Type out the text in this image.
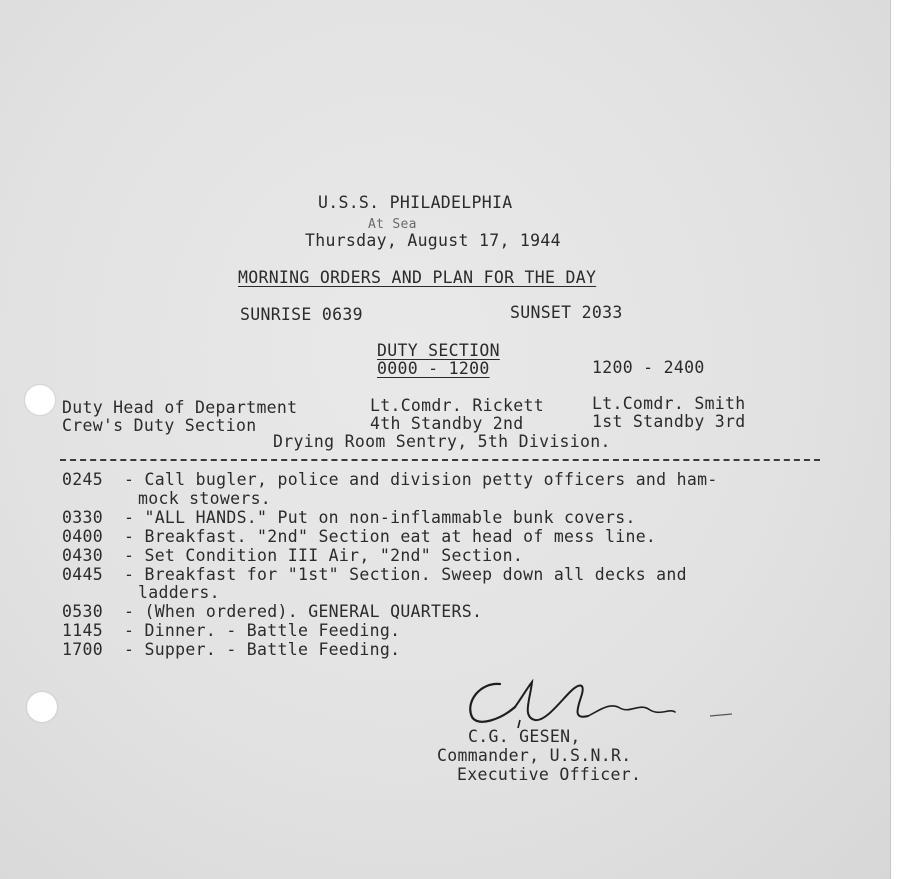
U.S.S. PHILADELPHIA
At Sea
Thursday, August 17, 1944
MORNING ORDERS AND PLAN FOR THE DAY
SUNRISE 0639	SUNSET 2033
DUTY SECTION
0000 - 1200	1200 - 2400
Duty Head of Department	Lt.Comdr. Rickett	Lt.Comdr. Smith
Crew's Duty Section	4th Standby 2nd	1st Standby 3rd
Drying Room Sentry, 5th Division.
0245 - Call bugler, police and division petty officers and ham-
mock stowers.
0330 - "ALL HANDS." Put on non-inflammable bunk covers.
0400 - Breakfast. "2nd" Section eat at head of mess line.
0430 - Set Condition III Air, "2nd" Section.
0445 - Breakfast for "1st" Section. Sweep down all decks and
ladders.
0530 - (When ordered). GENERAL QUARTERS.
1145 - Dinner. - Battle Feeding.
1700 - Supper. - Battle Feeding.
C.G. GESEN,
Commander, U.S.N.R.
Executive Officer.
